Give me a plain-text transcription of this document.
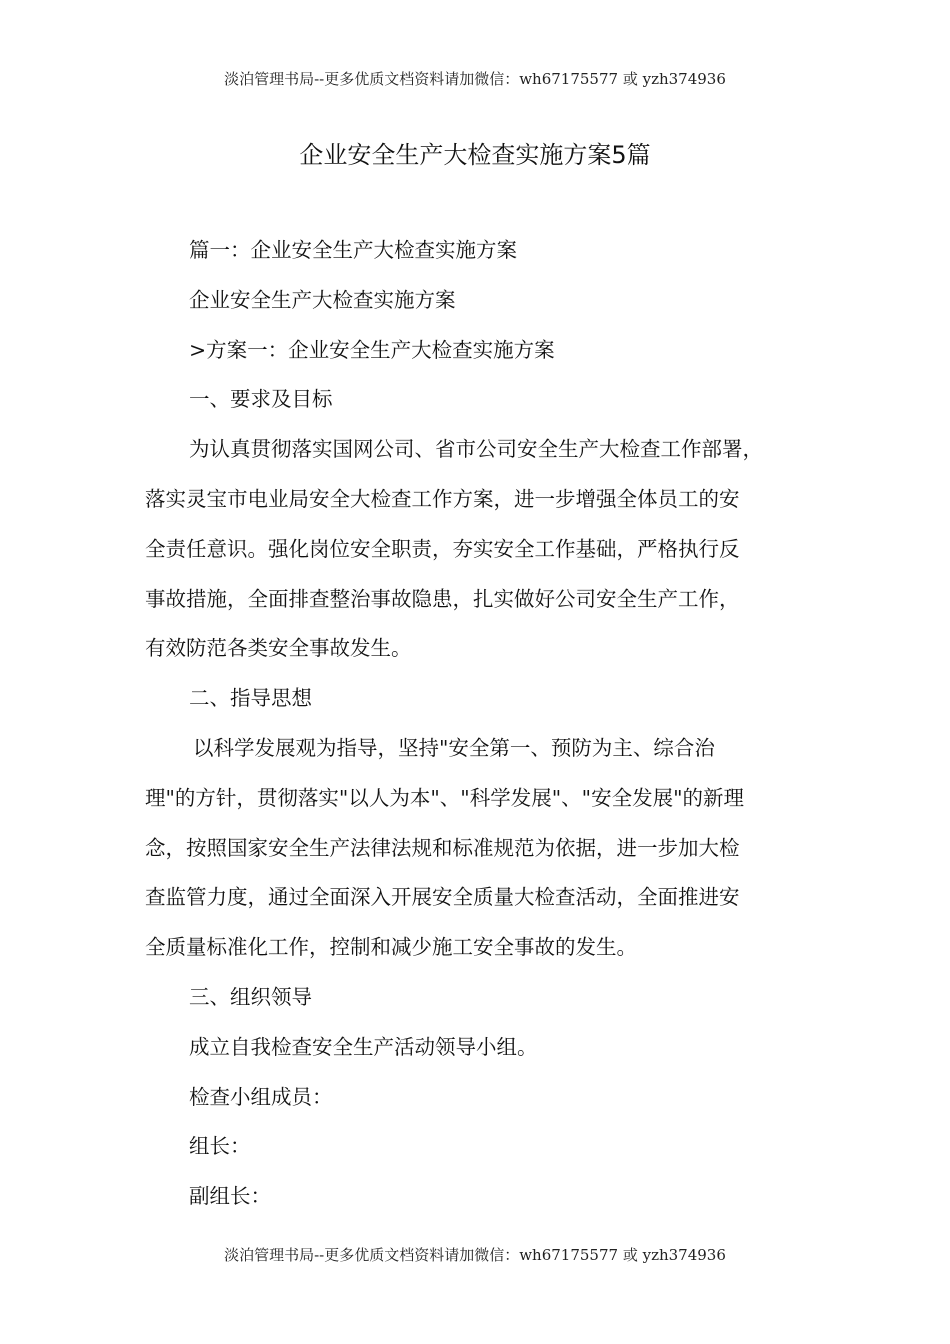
淡泊管理书局--更多优质文档资料请加微信：wh67175577 或 yzh374936
企业安全生产大检查实施方案5篇

篇一：企业安全生产大检查实施方案

企业安全生产大检查实施方案

>方案一：企业安全生产大检查实施方案

一、要求及目标

为认真贯彻落实国网公司、省市公司安全生产大检查工作部署，

落实灵宝市电业局安全大检查工作方案，进一步增强全体员工的安

全责任意识。强化岗位安全职责，夯实安全工作基础，严格执行反

事故措施，全面排查整治事故隐患，扎实做好公司安全生产工作，

有效防范各类安全事故发生。

二、指导思想

以科学发展观为指导，坚持"安全第一、预防为主、综合治

理"的方针，贯彻落实"以人为本"、"科学发展"、"安全发展"的新理

念，按照国家安全生产法律法规和标准规范为依据，进一步加大检

查监管力度，通过全面深入开展安全质量大检查活动，全面推进安

全质量标准化工作，控制和减少施工安全事故的发生。

三、组织领导

成立自我检查安全生产活动领导小组。

检查小组成员：

组长：

副组长：

淡泊管理书局--更多优质文档资料请加微信：wh67175577 或 yzh374936
